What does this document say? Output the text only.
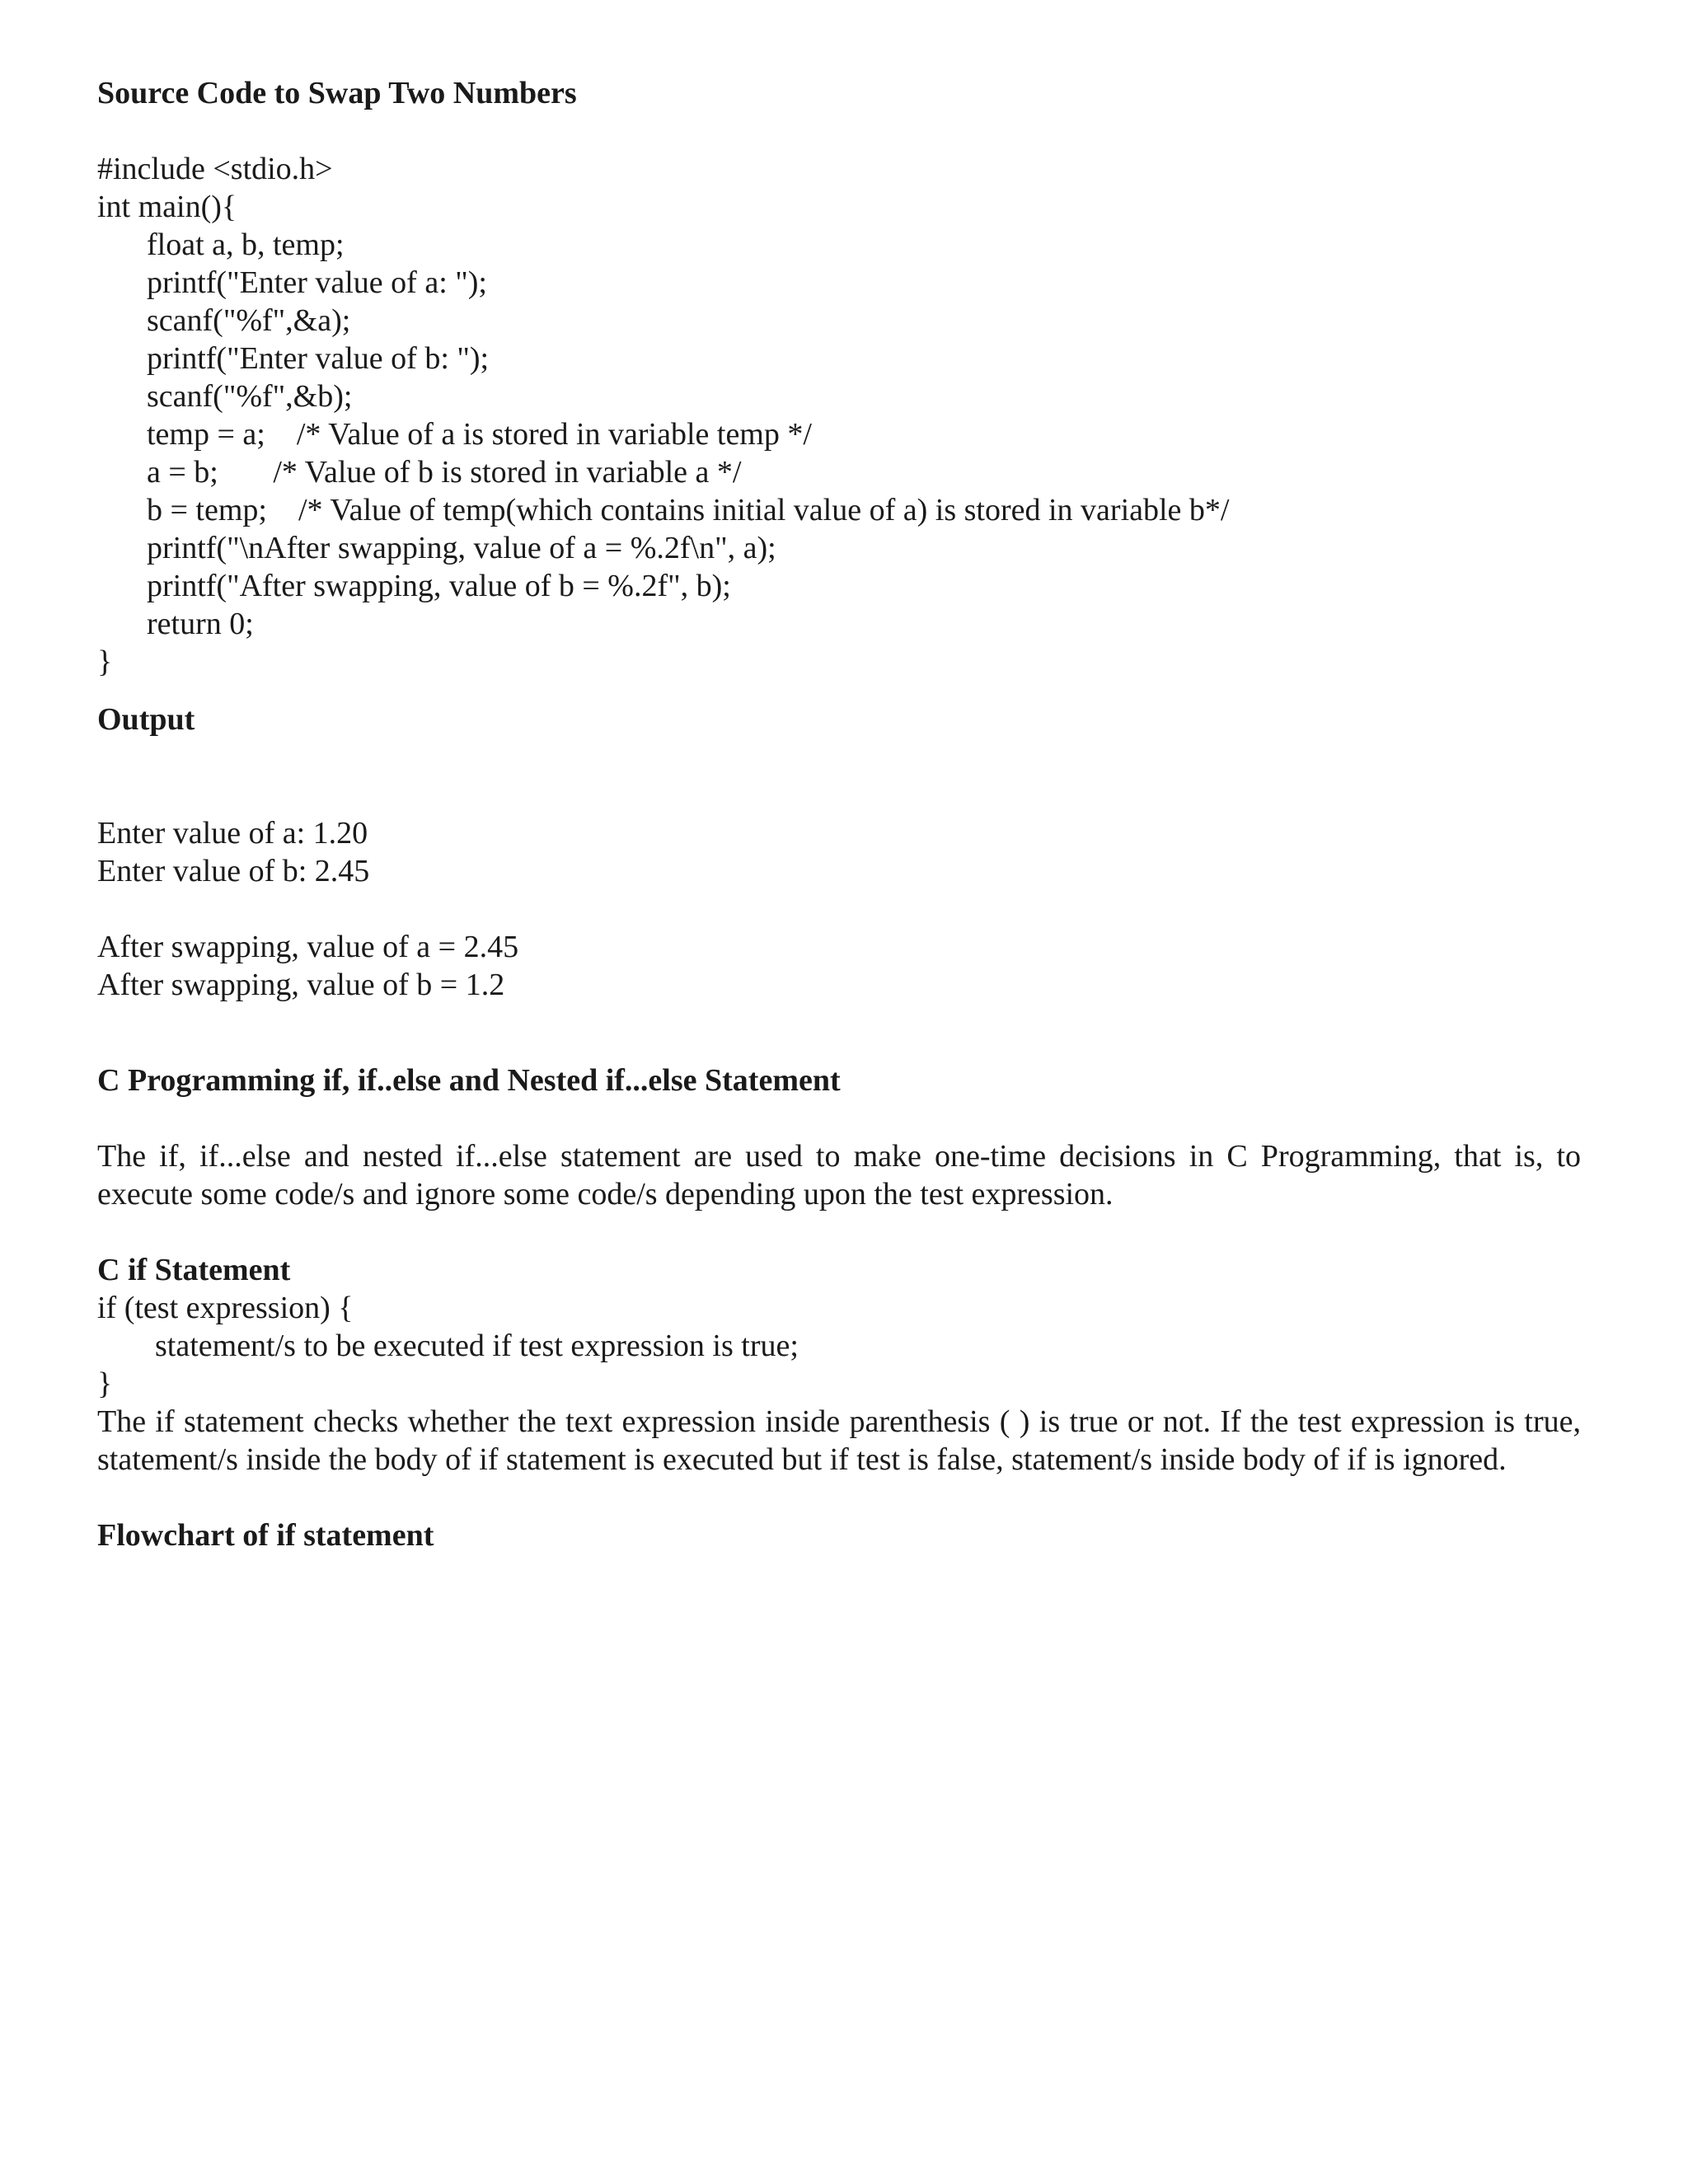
Source Code to Swap Two Numbers
#include <stdio.h>
int main(){
float a, b, temp;
printf("Enter value of a: ");
scanf("%f",&a);
printf("Enter value of b: ");
scanf("%f",&b);
temp = a;    /* Value of a is stored in variable temp */
a = b;       /* Value of b is stored in variable a */
b = temp;    /* Value of temp(which contains initial value of a) is stored in variable b*/
printf("\nAfter swapping, value of a = %.2f\n", a);
printf("After swapping, value of b = %.2f", b);
return 0;
}
Output
Enter value of a: 1.20
Enter value of b: 2.45
After swapping, value of a = 2.45
After swapping, value of b = 1.2
C Programming if, if..else and Nested if...else Statement

The if, if...else and nested if...else statement are used to make one-time decisions in C Programming, that is, to execute some code/s and ignore some code/s depending upon the test expression.

C if Statement
if (test expression) {
statement/s to be executed if test expression is true;
}

The if statement checks whether the text expression inside parenthesis ( ) is true or not. If the test expression is true, statement/s inside the body of if statement is executed but if test is false, statement/s inside body of if is ignored.

Flowchart of if statement
